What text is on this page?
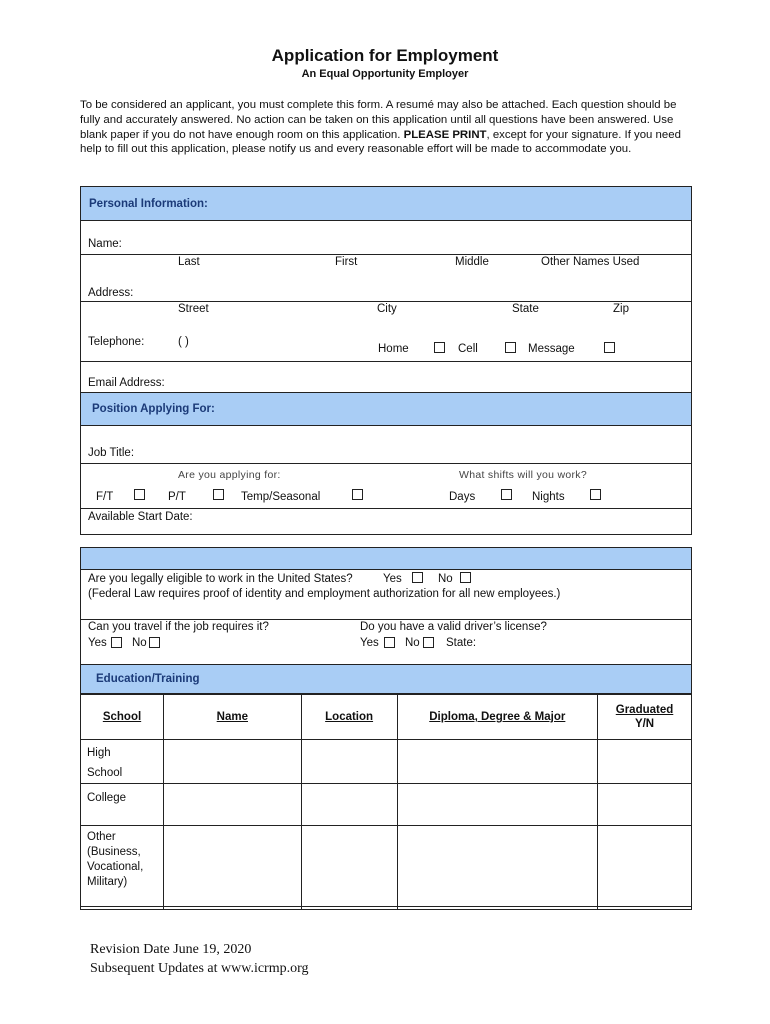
Application for Employment
An Equal Opportunity Employer
To be considered an applicant, you must complete this form. A resumé may also be attached. Each question should be fully and accurately answered. No action can be taken on this application until all questions have been answered. Use blank paper if you do not have enough room on this application. PLEASE PRINT, except for your signature. If you need help to fill out this application, please notify us and every reasonable effort will be made to accommodate you.
Personal Information:
Name:
Last	First	Middle	Other Names Used
Address:
Street	City	State	Zip
Telephone:	( )
Home	Cell	Message
Email Address:
Position Applying For:
Job Title:
Are you applying for:	What shifts will you work?
F/T	P/T	Temp/Seasonal	Days	Nights
Available Start Date:
Are you legally eligible to work in the United States?	Yes	No
(Federal Law requires proof of identity and employment authorization for all new employees.)
Can you travel if the job requires it?
Yes No
Do you have a valid driver’s license?
Yes No State:
Education/Training
School	Name	Location	Diploma, Degree & Major	Graduated
Y/N
High School				
College				
Other (Business, Vocational, Military)				
Revision Date June 19, 2020
Subsequent Updates at www.icrmp.org
